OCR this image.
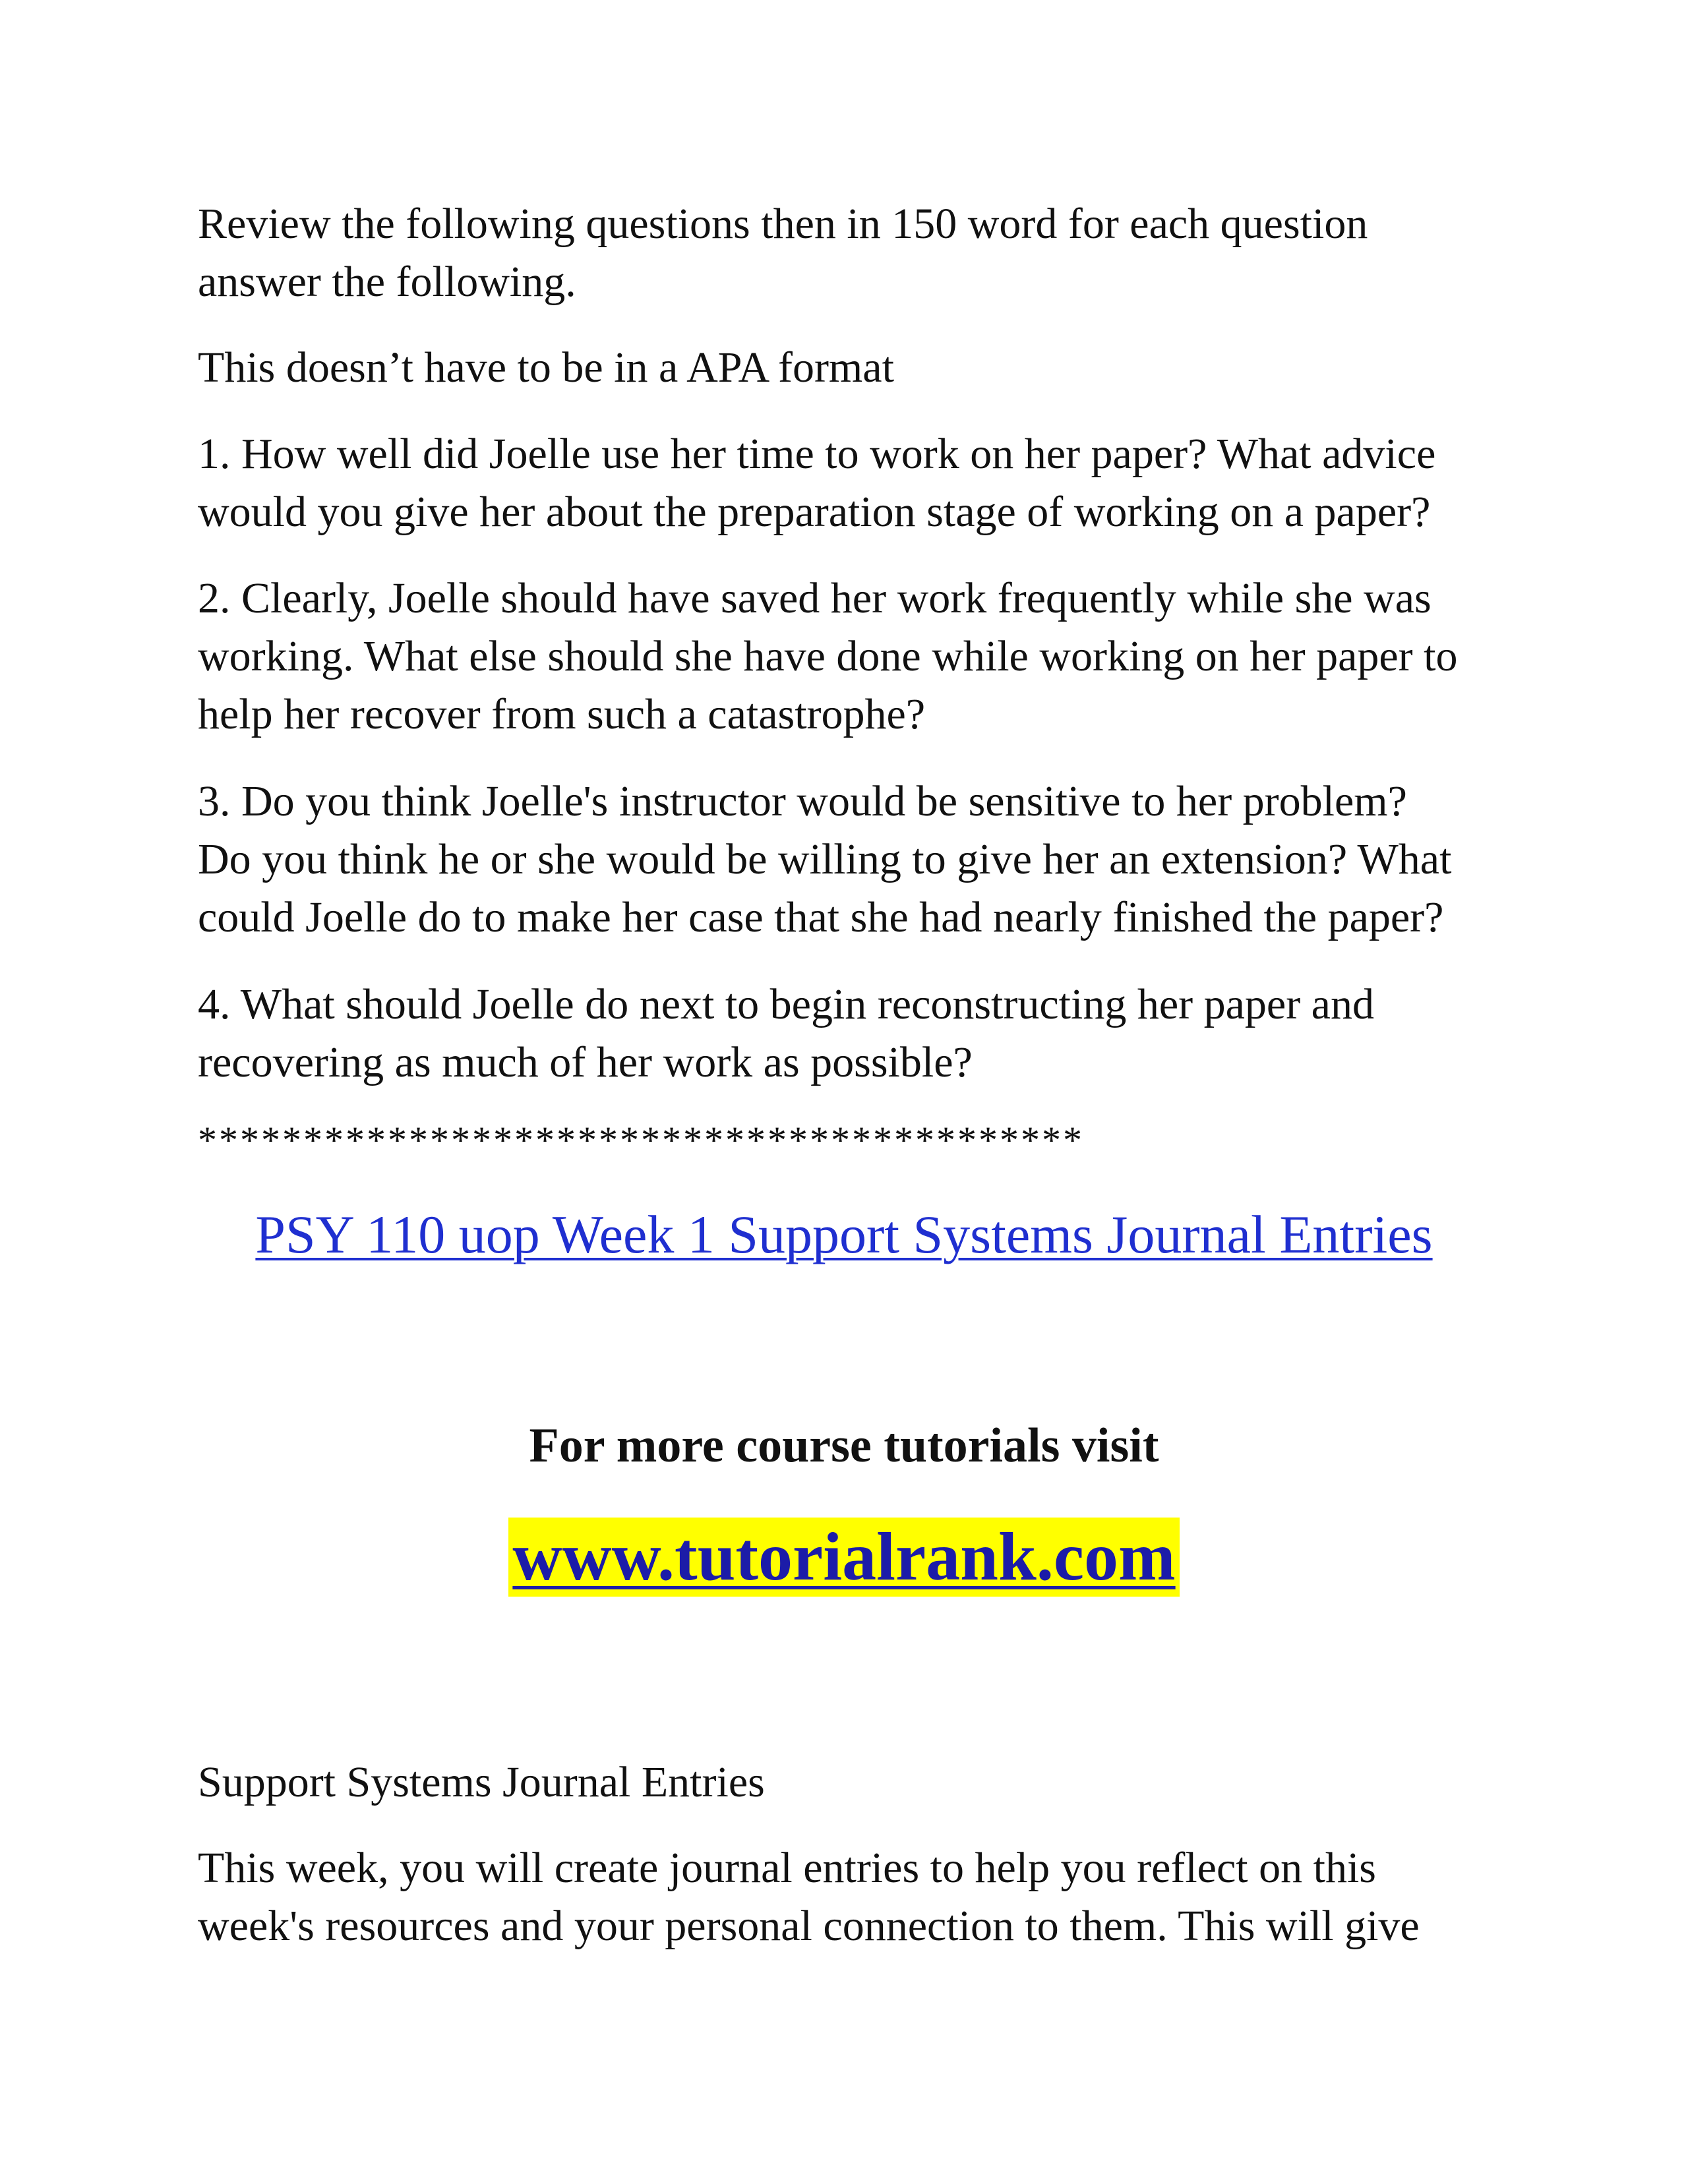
Review the following questions then in 150 word for each question
answer the following.

This doesn’t have to be in a APA format

1. How well did Joelle use her time to work on her paper? What advice
would you give her about the preparation stage of working on a paper?

2. Clearly, Joelle should have saved her work frequently while she was
working. What else should she have done while working on her paper to
help her recover from such a catastrophe?

3. Do you think Joelle's instructor would be sensitive to her problem?
Do you think he or she would be willing to give her an extension? What
could Joelle do to make her case that she had nearly finished the paper?

4. What should Joelle do next to begin reconstructing her paper and
recovering as much of her work as possible?

******************************************
PSY 110 uop Week 1 Support Systems Journal Entries
For more course tutorials visit
www.tutorialrank.com

Support Systems Journal Entries

This week, you will create journal entries to help you reflect on this
week's resources and your personal connection to them. This will give
